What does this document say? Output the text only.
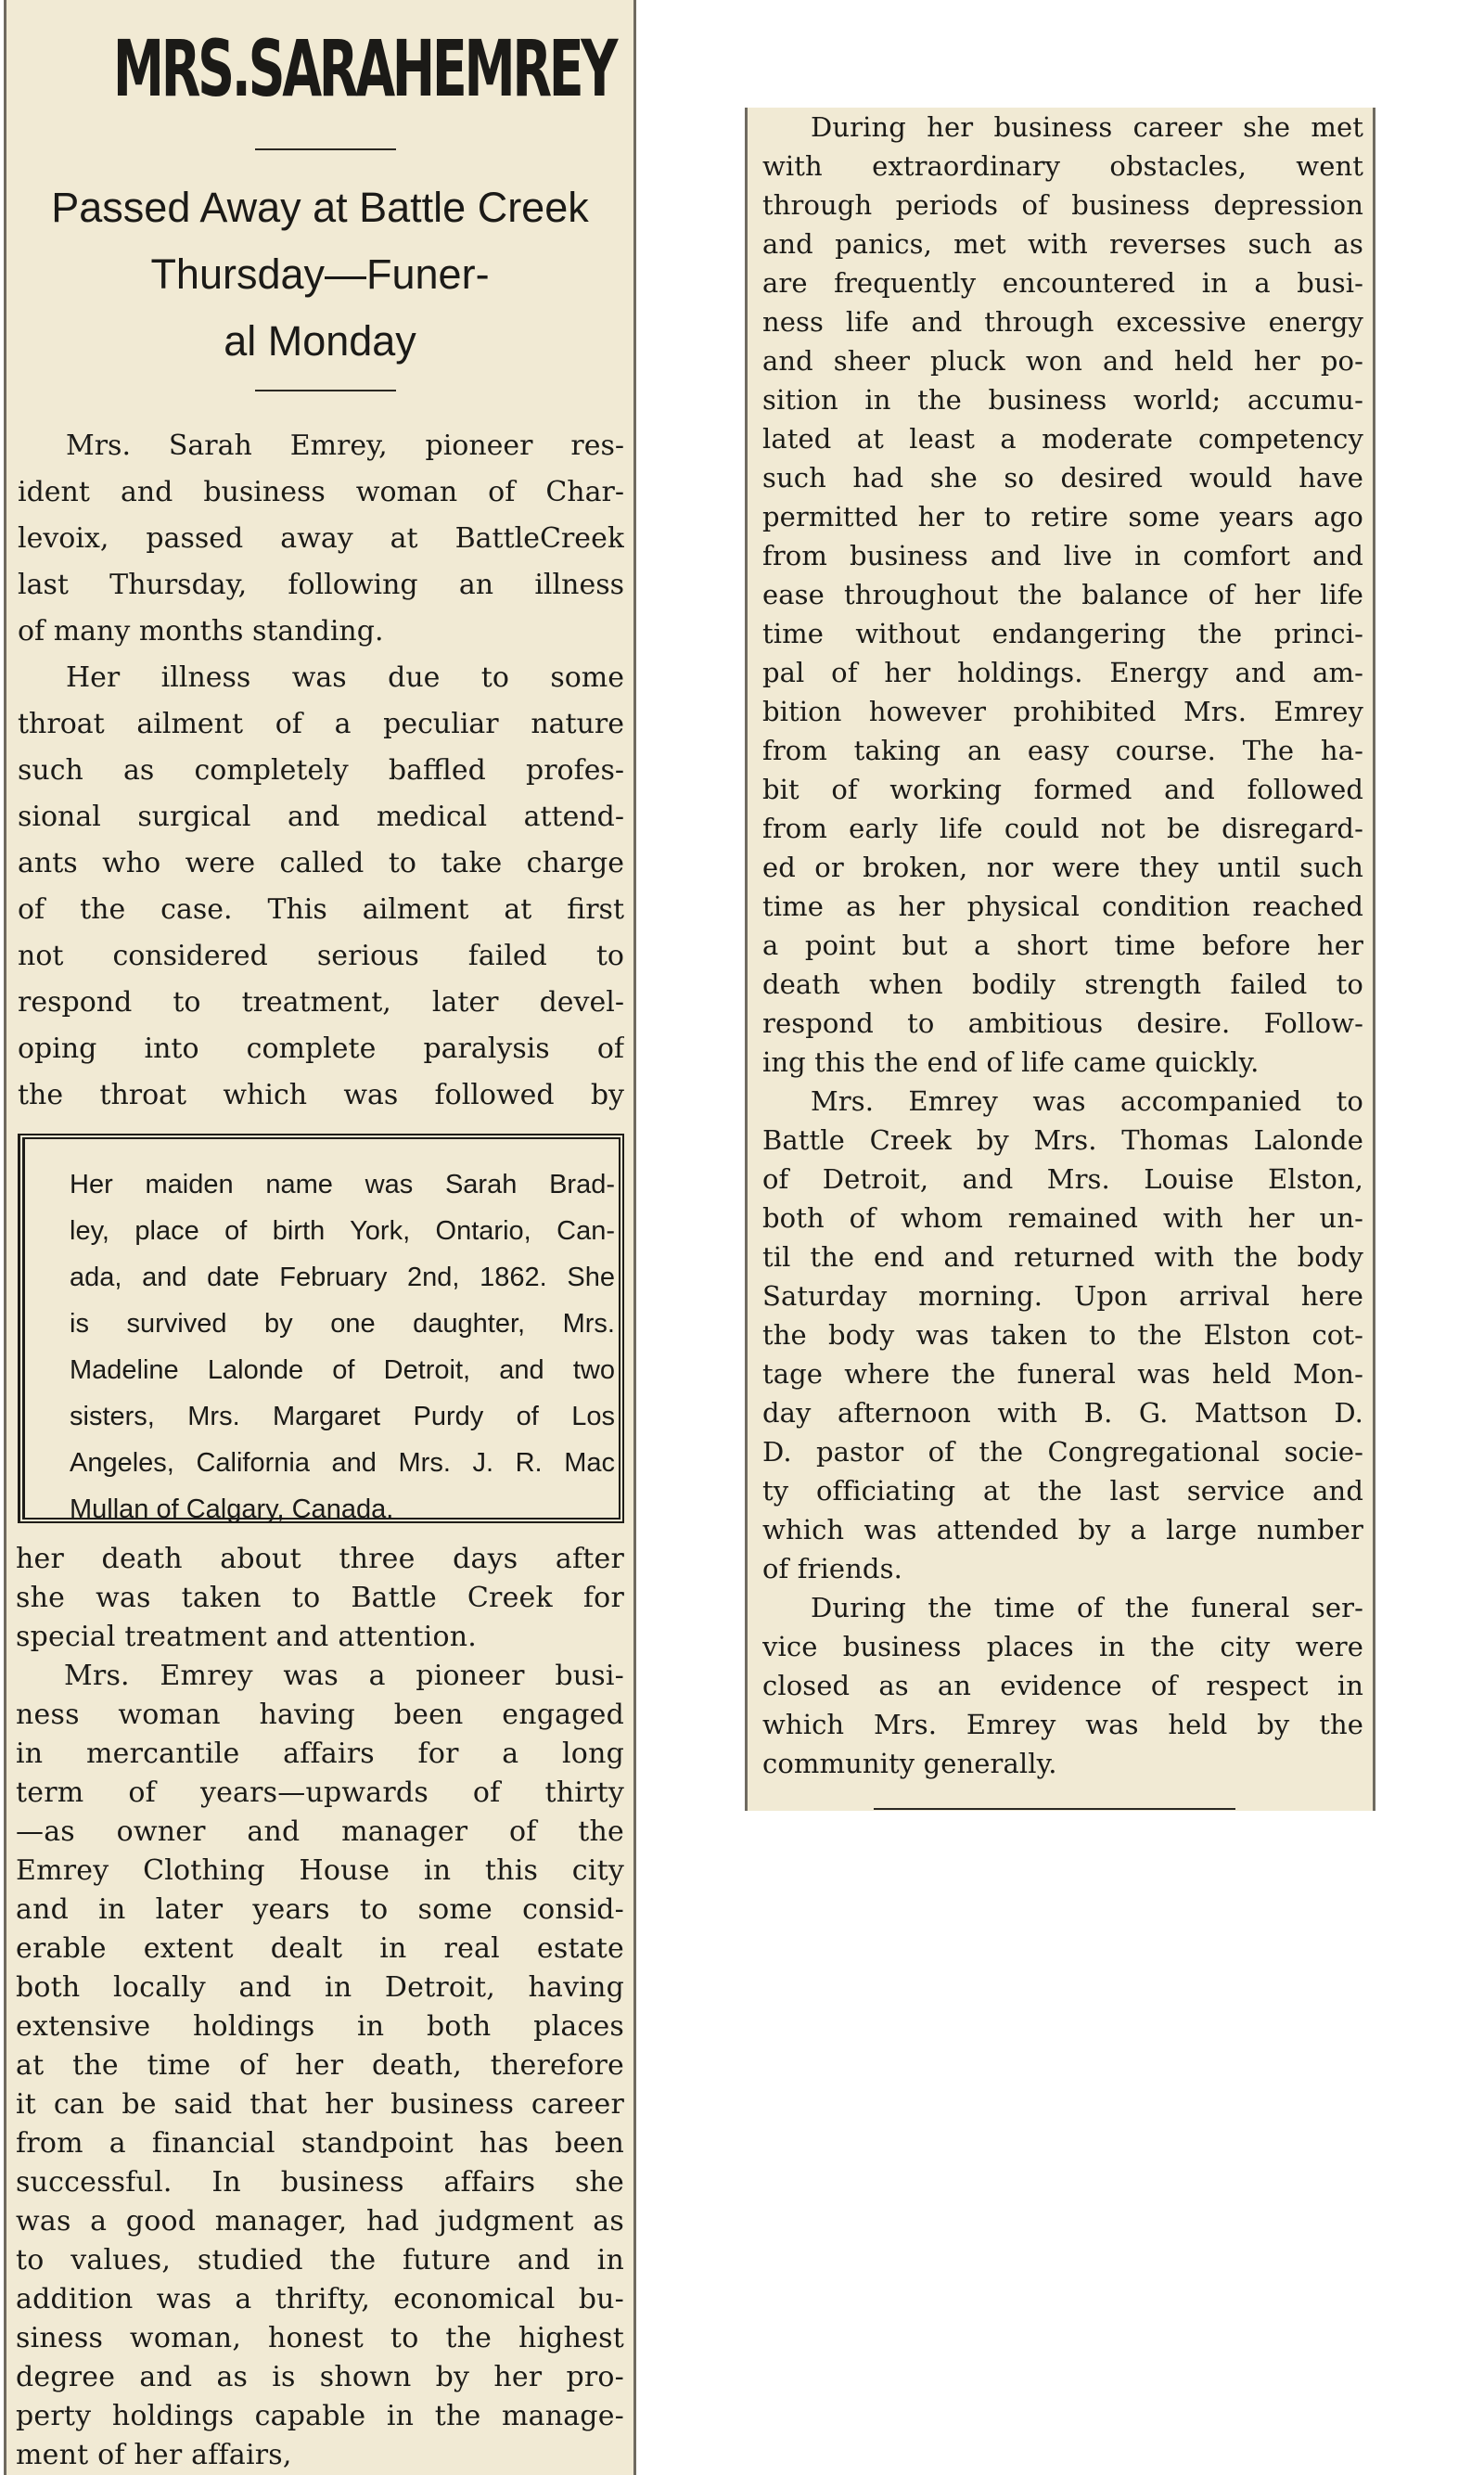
MRS.SARAHEMREY
Passed Away at Battle Creek
Thursday—Funer-
al Monday
Mrs. Sarah Emrey, pioneer res-
ident and business woman of Char-
levoix, passed away at BattleCreek
last Thursday, following an illness
of many months standing.
Her illness was due to some
throat ailment of a peculiar nature
such as completely baffled profes-
sional surgical and medical attend-
ants who were called to take charge
of the case. This ailment at first
not considered serious failed to
respond to treatment, later devel-
oping into complete paralysis of
the throat which was followed by
Her maiden name was Sarah Brad-
ley, place of birth York, Ontario, Can-
ada, and date February 2nd, 1862. She
is survived by one daughter, Mrs.
Madeline Lalonde of Detroit, and two
sisters, Mrs. Margaret Purdy of Los
Angeles, California and Mrs. J. R. Mac
Mullan of Calgary, Canada.
her death about three days after
she was taken to Battle Creek for
special treatment and attention.
Mrs. Emrey was a pioneer busi-
ness woman having been engaged
in mercantile affairs for a long
term of years—upwards of thirty
—as owner and manager of the
Emrey Clothing House in this city
and in later years to some consid-
erable extent dealt in real estate
both locally and in Detroit, having
extensive holdings in both places
at the time of her death, therefore
it can be said that her business career
from a financial standpoint has been
successful. In business affairs she
was a good manager, had judgment as
to values, studied the future and in
addition was a thrifty, economical bu-
siness woman, honest to the highest
degree and as is shown by her pro-
perty holdings capable in the manage-
ment of her affairs,
During her business career she met
with extraordinary obstacles, went
through periods of business depression
and panics, met with reverses such as
are frequently encountered in a busi-
ness life and through excessive energy
and sheer pluck won and held her po-
sition in the business world; accumu-
lated at least a moderate competency
such had she so desired would have
permitted her to retire some years ago
from business and live in comfort and
ease throughout the balance of her life
time without endangering the princi-
pal of her holdings. Energy and am-
bition however prohibited Mrs. Emrey
from taking an easy course. The ha-
bit of working formed and followed
from early life could not be disregard-
ed or broken, nor were they until such
time as her physical condition reached
a point but a short time before her
death when bodily strength failed to
respond to ambitious desire. Follow-
ing this the end of life came quickly.
Mrs. Emrey was accompanied to
Battle Creek by Mrs. Thomas Lalonde
of Detroit, and Mrs. Louise Elston,
both of whom remained with her un-
til the end and returned with the body
Saturday morning. Upon arrival here
the body was taken to the Elston cot-
tage where the funeral was held Mon-
day afternoon with B. G. Mattson D.
D. pastor of the Congregational socie-
ty officiating at the last service and
which was attended by a large number
of friends.
During the time of the funeral ser-
vice business places in the city were
closed as an evidence of respect in
which Mrs. Emrey was held by the
community generally.
